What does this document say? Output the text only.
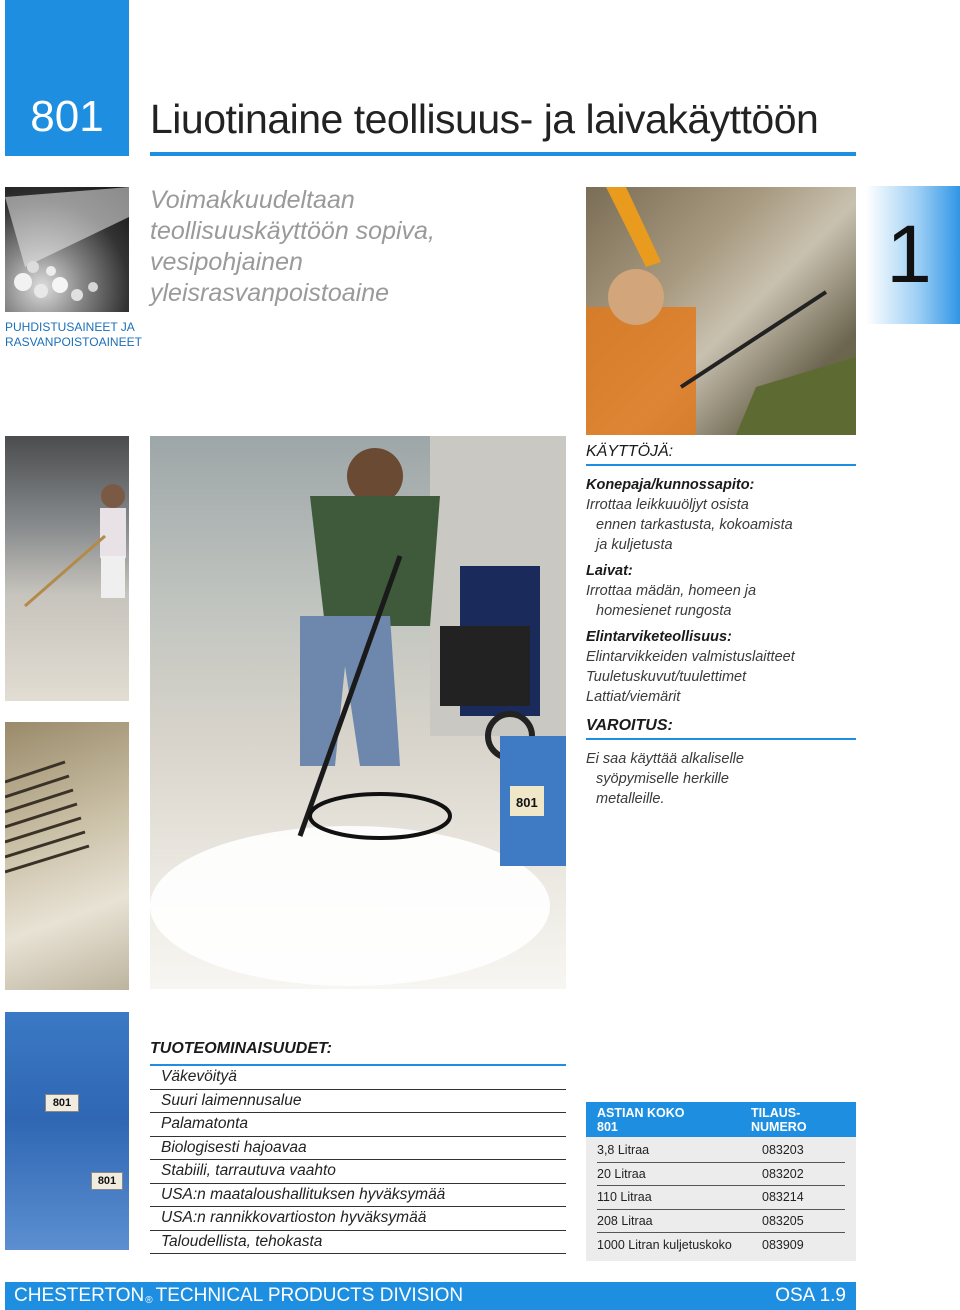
801 Liuotinaine teollisuus- ja laivakäyttöön
1
801
801
801
Voimakkuudeltaan teollisuuskäyttöön sopiva, vesipohjainen yleisrasvanpoistoaine
PUHDISTUSAINEET JA
RASVANPOISTOAINEET
KÄYTTÖJÄ:
Konepaja/kunnossapito:
Irrottaa leikkuuöljyt osista
ennen tarkastusta, kokoamista
ja kuljetusta
Laivat:
Irrottaa mädän, homeen ja
homesienet rungosta
Elintarviketeollisuus:
Elintarvikkeiden valmistuslaitteet
Tuuletuskuvut/tuulettimet
Lattiat/viemärit
VAROITUS:
Ei saa käyttää alkaliselle
syöpymiselle herkille
metalleille.
TUOTEOMINAISUUDET:
Väkevöityä
Suuri laimennusalue
Palamatonta
Biologisesti hajoavaa
Stabiili, tarrautuva vaahto
USA:n maataloushallituksen hyväksymää
USA:n rannikkovartioston hyväksymää
Taloudellista, tehokasta
ASTIAN KOKO
801
TILAUS-
NUMERO
3,8 Litraa	083203
20 Litraa	083202
110 Litraa	083214
208 Litraa	083205
1000 Litran kuljetuskoko	083909
CHESTERTON® TECHNICAL PRODUCTS DIVISION	OSA 1.9
